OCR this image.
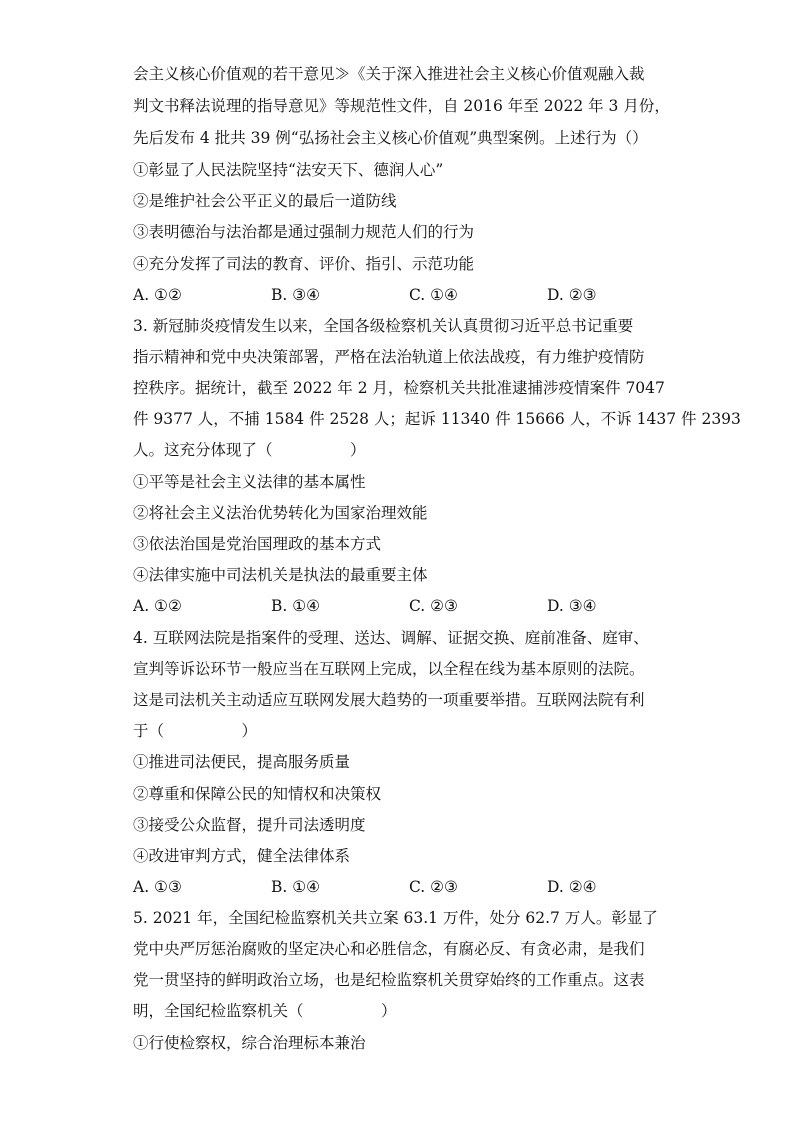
会主义核心价值观的若干意见≫《关于深入推进社会主义核心价值观融入裁
判文书释法说理的指导意见》等规范性文件，自 2016 年至 2022 年 3 月份，
先后发布 4 批共 39 例“弘扬社会主义核心价值观”典型案例。上述行为（）
①彰显了人民法院坚持“法安天下、德润人心”
②是维护社会公平正义的最后一道防线
③表明德治与法治都是通过强制力规范人们的行为
④充分发挥了司法的教育、评价、指引、示范功能
A. ①②	B. ③④	C. ①④	D. ②③
3. 新冠肺炎疫情发生以来，全国各级检察机关认真贯彻习近平总书记重要
指示精神和党中央决策部署，严格在法治轨道上依法战疫，有力维护疫情防
控秩序。据统计，截至 2022 年 2 月，检察机关共批准逮捕涉疫情案件 7047
件 9377 人，不捕 1584 件 2528 人；起诉 11340 件 15666 人，不诉 1437 件 2393
人。这充分体现了（　　　　　）
①平等是社会主义法律的基本属性
②将社会主义法治优势转化为国家治理效能
③依法治国是党治国理政的基本方式
④法律实施中司法机关是执法的最重要主体
A. ①②	B. ①④	C. ②③	D. ③④
4. 互联网法院是指案件的受理、送达、调解、证据交换、庭前准备、庭审、
宣判等诉讼环节一般应当在互联网上完成，以全程在线为基本原则的法院。
这是司法机关主动适应互联网发展大趋势的一项重要举措。互联网法院有利
于（　　　　　）
①推进司法便民，提高服务质量
②尊重和保障公民的知情权和决策权
③接受公众监督，提升司法透明度
④改进审判方式，健全法律体系
A. ①③	B. ①④	C. ②③	D. ②④
5. 2021 年，全国纪检监察机关共立案 63.1 万件，处分 62.7 万人。彰显了
党中央严厉惩治腐败的坚定决心和必胜信念，有腐必反、有贪必肃，是我们
党一贯坚持的鲜明政治立场，也是纪检监察机关贯穿始终的工作重点。这表
明，全国纪检监察机关（　　　　　）
①行使检察权，综合治理标本兼治
